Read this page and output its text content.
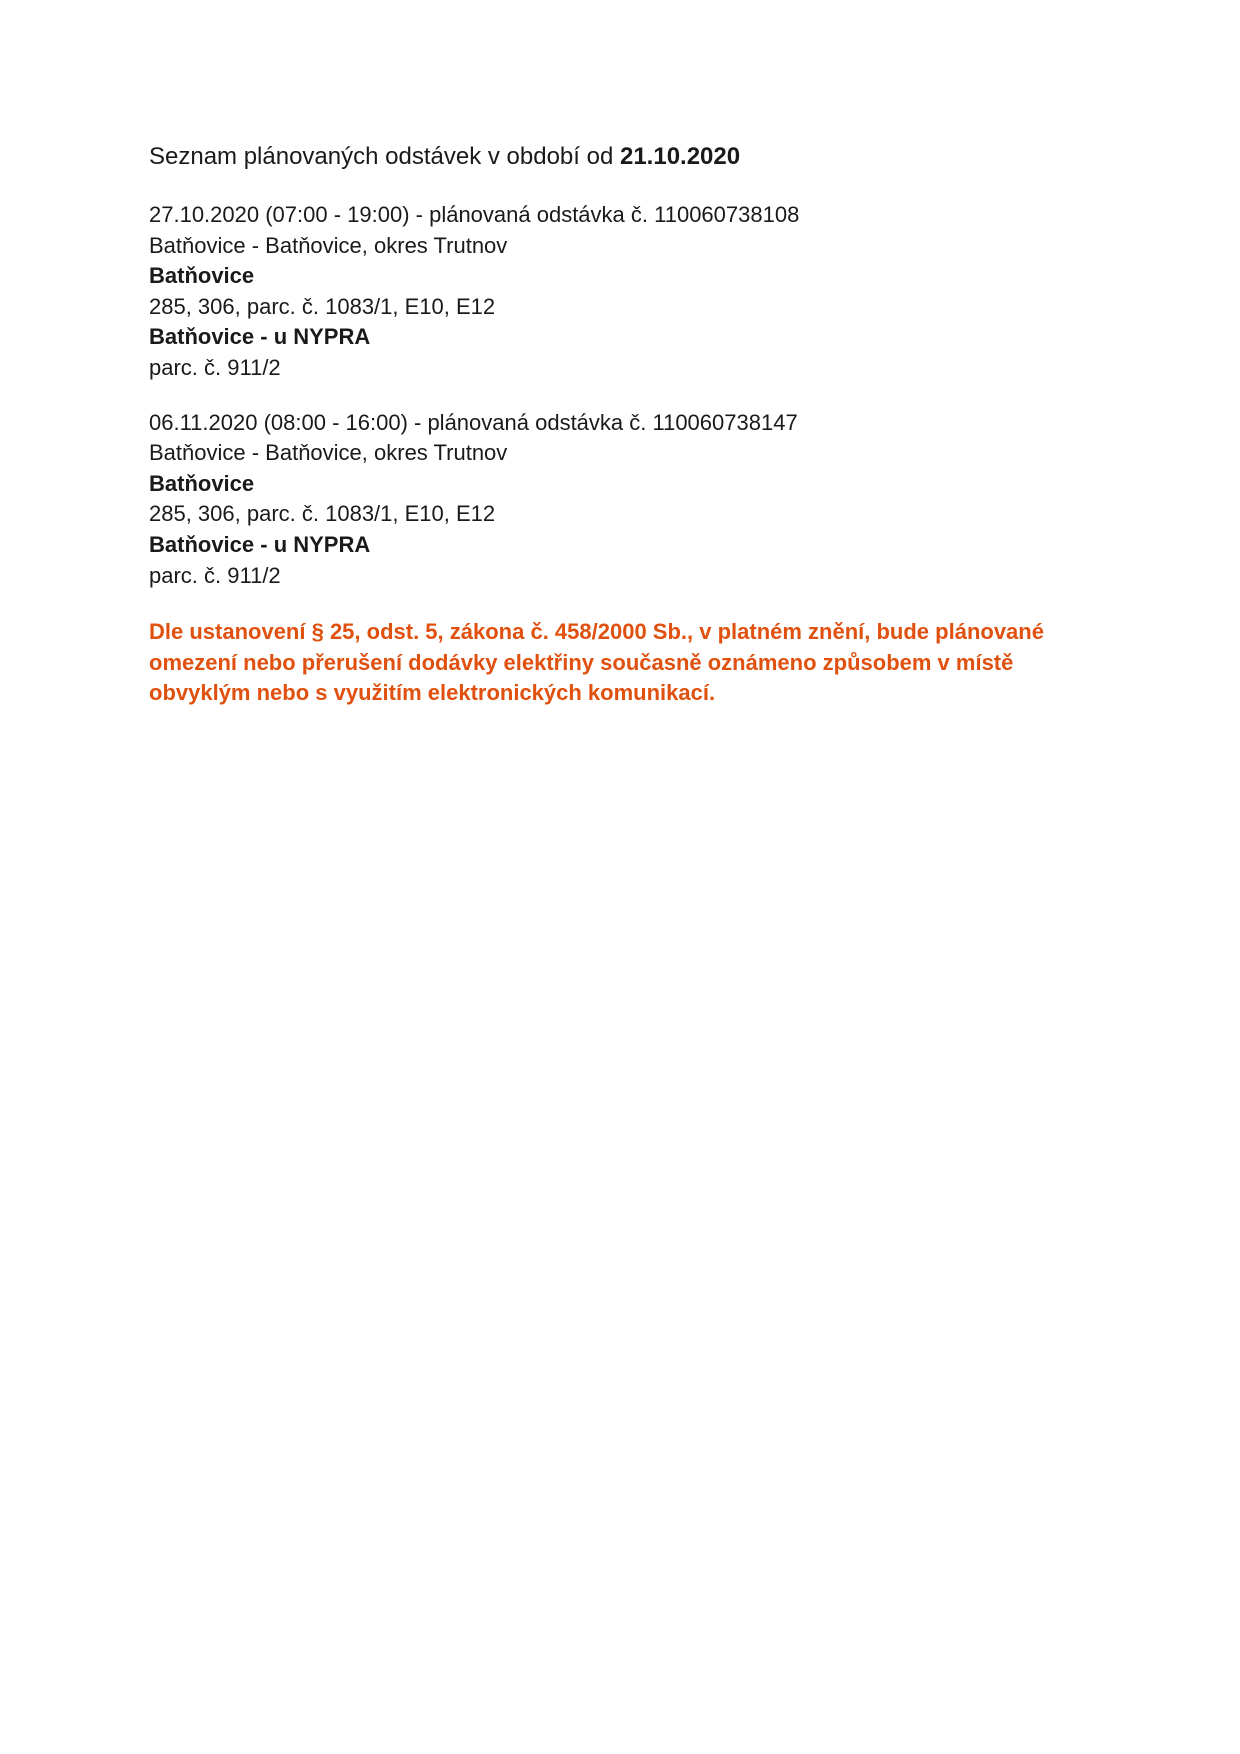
Seznam plánovaných odstávek v období od 21.10.2020
27.10.2020 (07:00 - 19:00) - plánovaná odstávka č. 110060738108
Batňovice - Batňovice, okres Trutnov
Batňovice
285, 306, parc. č. 1083/1, E10, E12
Batňovice - u NYPRA
parc. č. 911/2
06.11.2020 (08:00 - 16:00) - plánovaná odstávka č. 110060738147
Batňovice - Batňovice, okres Trutnov
Batňovice
285, 306, parc. č. 1083/1, E10, E12
Batňovice - u NYPRA
parc. č. 911/2
Dle ustanovení § 25, odst. 5, zákona č. 458/2000 Sb., v platném znění, bude plánované
omezení nebo přerušení dodávky elektřiny současně oznámeno způsobem v místě
obvyklým nebo s využitím elektronických komunikací.
